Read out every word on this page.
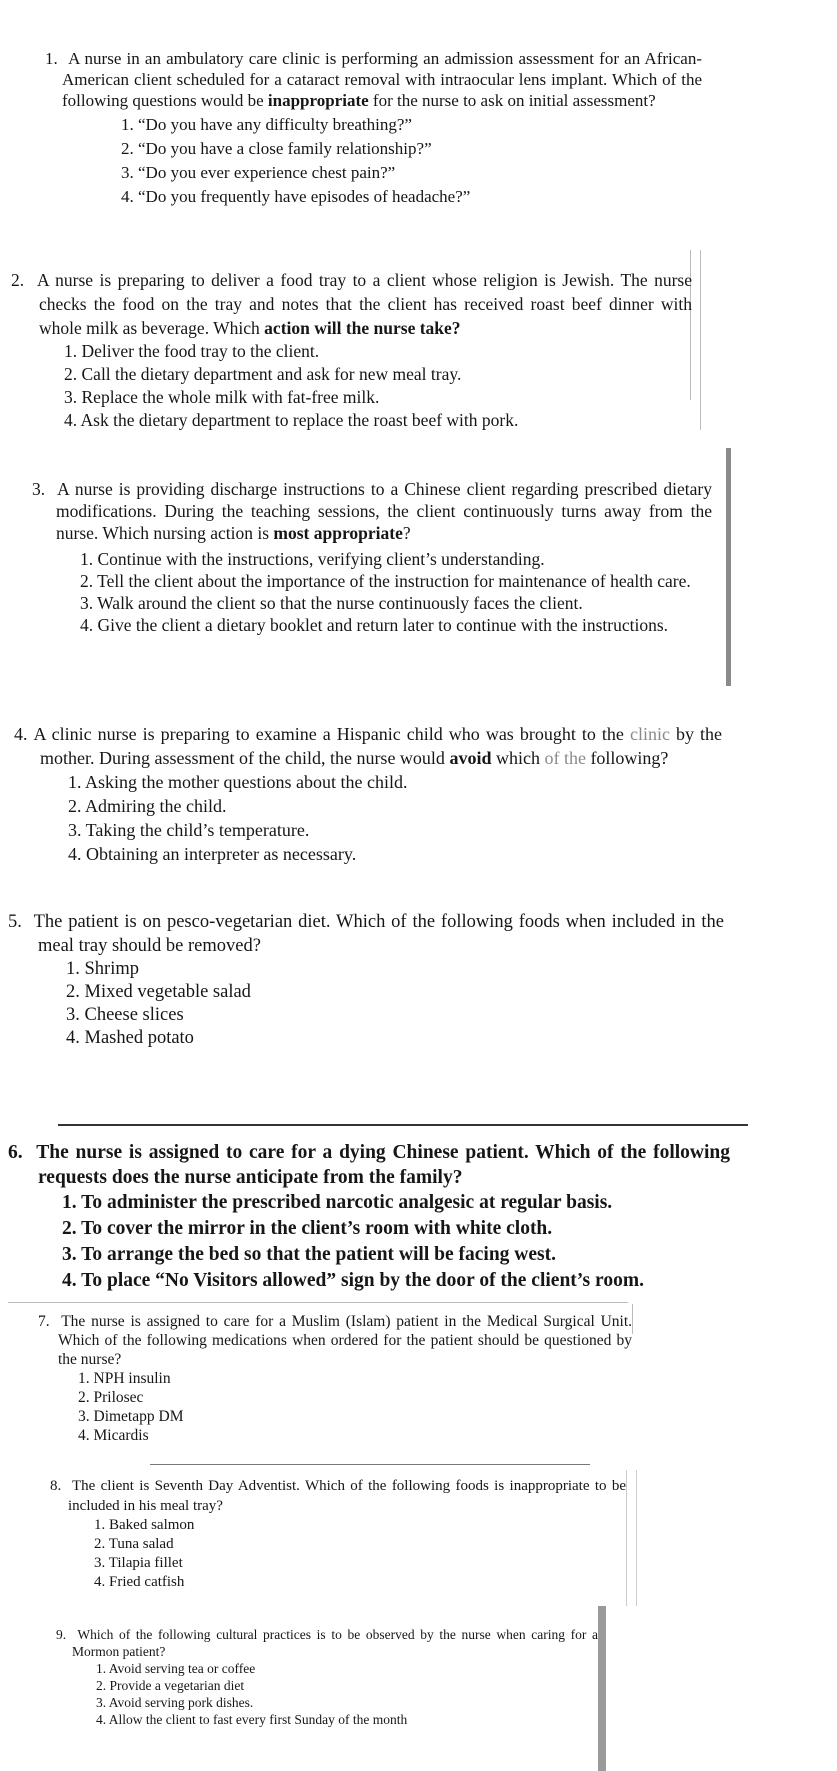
1. A nurse in an ambulatory care clinic is performing an admission assessment for an African-American client scheduled for a cataract removal with intraocular lens implant. Which of the following questions would be inappropriate for the nurse to ask on initial assessment?
1. “Do you have any difficulty breathing?”
2. “Do you have a close family relationship?”
3. “Do you ever experience chest pain?”
4. “Do you frequently have episodes of headache?”
2. A nurse is preparing to deliver a food tray to a client whose religion is Jewish. The nurse checks the food on the tray and notes that the client has received roast beef dinner with whole milk as beverage. Which action will the nurse take?
1. Deliver the food tray to the client.
2. Call the dietary department and ask for new meal tray.
3. Replace the whole milk with fat-free milk.
4. Ask the dietary department to replace the roast beef with pork.
3. A nurse is providing discharge instructions to a Chinese client regarding prescribed dietary modifications. During the teaching sessions, the client continuously turns away from the nurse. Which nursing action is most appropriate?
1. Continue with the instructions, verifying client’s understanding.
2. Tell the client about the importance of the instruction for maintenance of health care.
3. Walk around the client so that the nurse continuously faces the client.
4. Give the client a dietary booklet and return later to continue with the instructions.
4. A clinic nurse is preparing to examine a Hispanic child who was brought to the clinic by the mother. During assessment of the child, the nurse would avoid which of the following?
1. Asking the mother questions about the child.
2. Admiring the child.
3. Taking the child’s temperature.
4. Obtaining an interpreter as necessary.
5. The patient is on pesco-vegetarian diet. Which of the following foods when included in the meal tray should be removed?
1. Shrimp
2. Mixed vegetable salad
3. Cheese slices
4. Mashed potato
6. The nurse is assigned to care for a dying Chinese patient. Which of the following requests does the nurse anticipate from the family?
1. To administer the prescribed narcotic analgesic at regular basis.
2. To cover the mirror in the client’s room with white cloth.
3. To arrange the bed so that the patient will be facing west.
4. To place “No Visitors allowed” sign by the door of the client’s room.
7. The nurse is assigned to care for a Muslim (Islam) patient in the Medical Surgical Unit. Which of the following medications when ordered for the patient should be questioned by the nurse?
1. NPH insulin
2. Prilosec
3. Dimetapp DM
4. Micardis
8. The client is Seventh Day Adventist. Which of the following foods is inappropriate to be included in his meal tray?
1. Baked salmon
2. Tuna salad
3. Tilapia fillet
4. Fried catfish
9. Which of the following cultural practices is to be observed by the nurse when caring for a Mormon patient?
1. Avoid serving tea or coffee
2. Provide a vegetarian diet
3. Avoid serving pork dishes.
4. Allow the client to fast every first Sunday of the month
